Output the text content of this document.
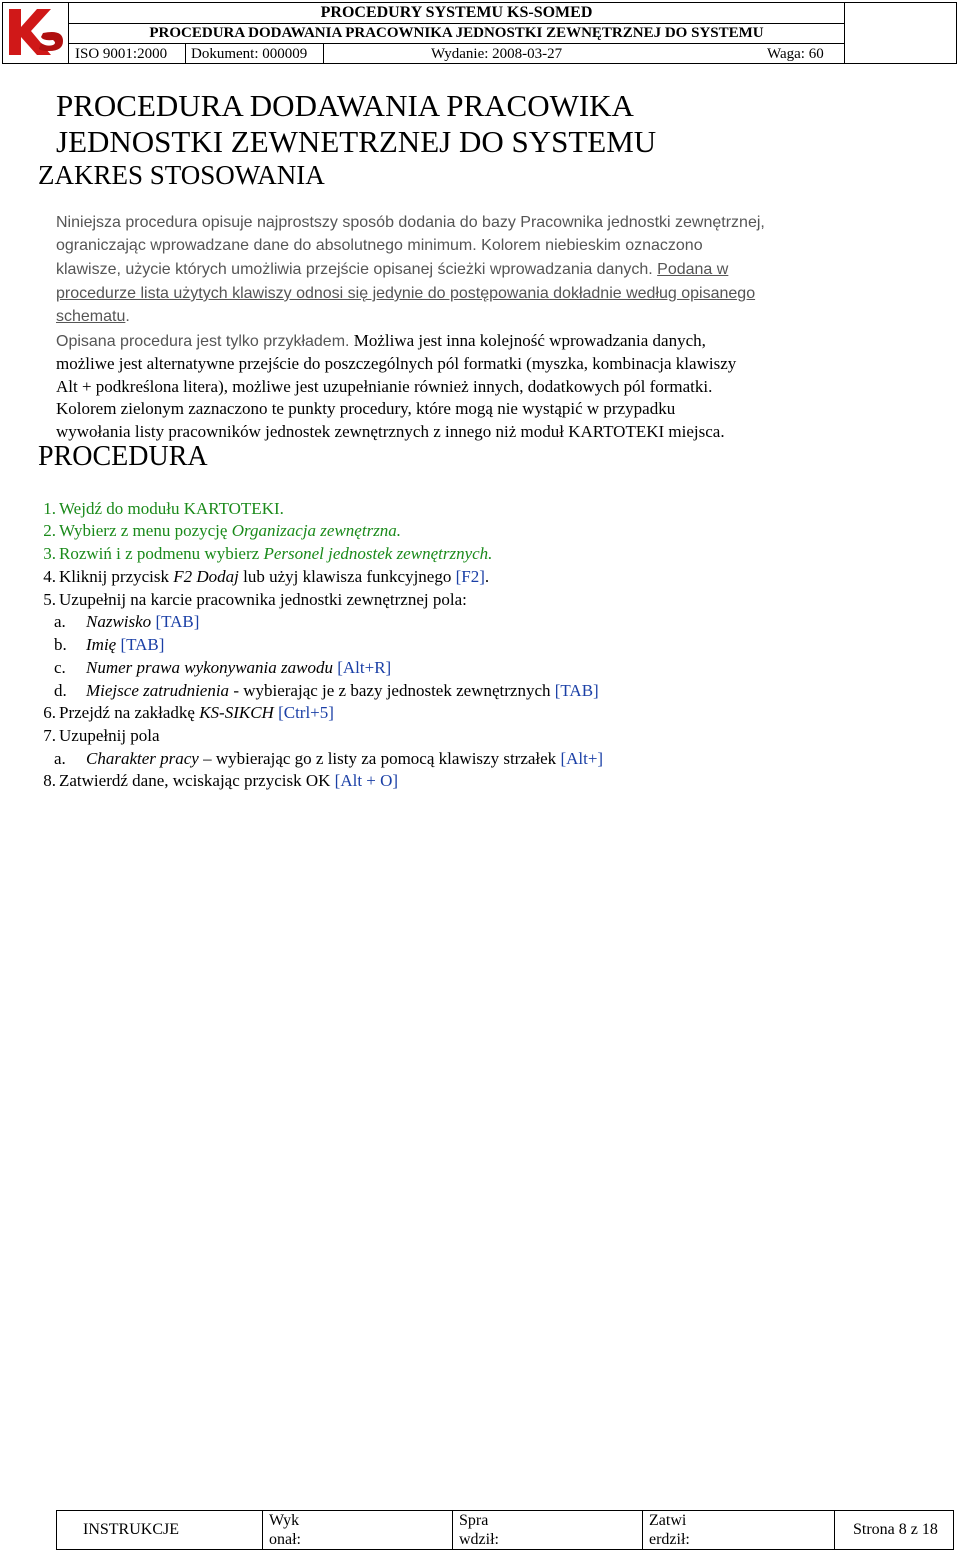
PROCEDURY SYSTEMU KS-SOMED
PROCEDURA DODAWANIA PRACOWNIKA JEDNOSTKI ZEWNĘTRZNEJ DO SYSTEMU
ISO 9001:2000 Dokument: 000009	Wydanie: 2008-03-27	Waga: 60
PROCEDURA DODAWANIA PRACOWIKA
JEDNOSTKI ZEWNETRZNEJ DO SYSTEMU
ZAKRES STOSOWANIA
Niniejsza procedura opisuje najprostszy sposób dodania do bazy Pracownika jednostki zewnętrznej,
ograniczając wprowadzane dane do absolutnego minimum. Kolorem niebieskim oznaczono
klawisze, użycie których umożliwia przejście opisanej ścieżki wprowadzania danych. Podana w
procedurze lista użytych klawiszy odnosi się jedynie do postępowania dokładnie według opisanego
schematu.
Opisana procedura jest tylko przykładem. Możliwa jest inna kolejność wprowadzania danych,
możliwe jest alternatywne przejście do poszczególnych pól formatki (myszka, kombinacja klawiszy
Alt + podkreślona litera), możliwe jest uzupełnianie również innych, dodatkowych pól formatki.
Kolorem zielonym zaznaczono te punkty procedury, które mogą nie wystąpić w przypadku
wywołania listy pracowników jednostek zewnętrznych z innego niż moduł KARTOTEKI miejsca.
PROCEDURA
1. Wejdź do modułu KARTOTEKI.
2. Wybierz z menu pozycję Organizacja zewnętrzna.
3. Rozwiń i z podmenu wybierz Personel jednostek zewnętrznych.
4. Kliknij przycisk F2 Dodaj lub użyj klawisza funkcyjnego [F2].
5. Uzupełnij na karcie pracownika jednostki zewnętrznej pola:
a. Nazwisko [TAB]
b. Imię [TAB]
c. Numer prawa wykonywania zawodu [Alt+R]
d. Miejsce zatrudnienia - wybierając je z bazy jednostek zewnętrznych [TAB]
6. Przejdź na zakładkę KS-SIKCH [Ctrl+5]
7. Uzupełnij pola
a. Charakter pracy – wybierając go z listy za pomocą klawiszy strzałek [Alt+]
8. Zatwierdź dane, wciskając przycisk OK [Alt + O]
INSTRUKCJE
Wyk
onał:
Spra
wdził:
Zatwi
erdził:
Strona 8 z 18
